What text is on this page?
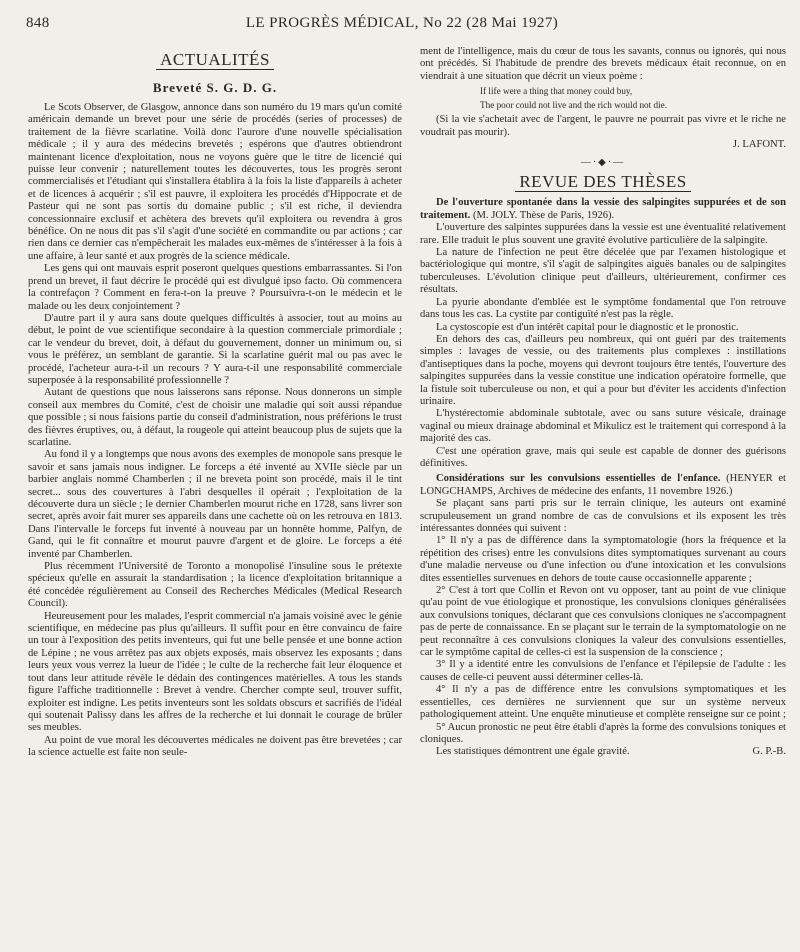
848	LE PROGRÈS MÉDICAL, No 22 (28 Mai 1927)
ACTUALITÉS
Breveté S. G. D. G.

Le Scots Observer, de Glasgow, annonce dans son numéro du 19 mars qu'un comité américain demande un brevet pour une série de procédés (series of processes) de traitement de la fièvre scarlatine. Voilà donc l'aurore d'une nouvelle spécialisation médicale ; il y aura des médecins brevetés ; espérons que d'autres obtiendront maintenant licence d'exploitation, nous ne voyons guère que le titre de licencié qui puisse leur convenir ; naturellement toutes les découvertes, tous les progrès seront commercialisés et l'étudiant qui s'installera établira à la fois la liste d'appareils à acheter et de licences à acquérir ; s'il est pauvre, il exploitera les procédés d'Hippocrate et de Pasteur qui ne sont pas sortis du domaine public ; s'il est riche, il deviendra concessionnaire exclusif et achètera des brevets qu'il exploitera ou revendra à gros bénéfice. On ne nous dit pas s'il s'agit d'une société en commandite ou par actions ; car rien dans ce dernier cas n'empêcherait les malades eux-mêmes de s'intéresser à la fois à une affaire, à leur santé et aux progrès de la science médicale.

Les gens qui ont mauvais esprit poseront quelques questions embarrassantes. Si l'on prend un brevet, il faut décrire le procédé qui est divulgué ipso facto. Où commencera la contrefaçon ? Comment en fera-t-on la preuve ? Poursuivra-t-on le médecin et le malade ou les deux conjointement ?

D'autre part il y aura sans doute quelques difficultés à associer, tout au moins au début, le point de vue scientifique secondaire à la question commerciale primordiale ; car le vendeur du brevet, doit, à défaut du gouvernement, donner un minimum ou, si vous le préférez, un semblant de garantie. Si la scarlatine guérit mal ou pas avec le procédé, l'acheteur aura-t-il un recours ? Y aura-t-il une responsabilité commerciale superposée à la responsabilité professionnelle ?

Autant de questions que nous laisserons sans réponse. Nous donnerons un simple conseil aux membres du Comité, c'est de choisir une maladie qui soit aussi répandue que possible ; si nous faisions partie du conseil d'administration, nous préférions le trust des fièvres éruptives, ou, à défaut, la rougeole qui atteint beaucoup plus de sujets que la scarlatine.

Au fond il y a longtemps que nous avons des exemples de monopole sans presque le savoir et sans jamais nous indigner. Le forceps a été inventé au XVIIe siècle par un barbier anglais nommé Chamberlen ; il ne breveta point son procédé, mais il le tint secret... sous des couvertures à l'abri desquelles il opérait ; l'exploitation de la découverte dura un siècle ; le dernier Chamberlen mourut riche en 1728, sans livrer son secret, après avoir fait murer ses appareils dans une cachette où on les retrouva en 1813. Dans l'intervalle le forceps fut inventé à nouveau par un honnête homme, Palfyn, de Gand, qui le fit connaître et mourut pauvre d'argent et de gloire. Le forceps a été inventé par Chamberlen.

Plus récemment l'Université de Toronto a monopolisé l'insuline sous le prétexte spécieux qu'elle en assurait la standardisation ; la licence d'exploitation britannique a été concédée régulièrement au Conseil des Recherches Médicales (Medical Research Council).

Heureusement pour les malades, l'esprit commercial n'a jamais voisiné avec le génie scientifique, en médecine pas plus qu'ailleurs. Il suffit pour en être convaincu de faire un tour à l'exposition des petits inventeurs, qui fut une belle pensée et une bonne action de Lépine ; ne vous arrêtez pas aux objets exposés, mais observez les exposants ; dans leurs yeux vous verrez la lueur de l'idée ; le culte de la recherche fait leur éloquence et tout dans leur attitude révèle le dédain des contingences matérielles. A tous les stands figure l'affiche traditionnelle : Brevet à vendre. Chercher compte seul, trouver suffit, exploiter est indigne. Les petits inventeurs sont les soldats obscurs et sacrifiés de l'idéal qui soutenait Palissy dans les affres de la recherche et lui donnait le courage de brûler ses meubles.

Au point de vue moral les découvertes médicales ne doivent pas être brevetées ; car la science actuelle est faite non seule-

ment de l'intelligence, mais du cœur de tous les savants, connus ou ignorés, qui nous ont précédés. Si l'habitude de prendre des brevets médicaux était reconnue, on en viendrait à une situation que décrit un vieux poème :

If life were a thing that money could buy,
The poor could not live and the rich would not die.

(Si la vie s'achetait avec de l'argent, le pauvre ne pourrait pas vivre et le riche ne voudrait pas mourir).

J. LAFONT.
—·◆·—
REVUE DES THÈSES

De l'ouverture spontanée dans la vessie des salpingites suppurées et de son traitement. (M. JOLY. Thèse de Paris, 1926).

L'ouverture des salpintes suppurées dans la vessie est une éventualité relativement rare. Elle traduit le plus souvent une gravité évolutive particulière de la salpingite.

La nature de l'infection ne peut être décelée que par l'examen histologique et bactériologique qui montre, s'il s'agit de salpingites aiguës banales ou de salpingites tuberculeuses. L'évolution clinique peut d'ailleurs, ultérieurement, confirmer ces résultats.

La pyurie abondante d'emblée est le symptôme fondamental que l'on retrouve dans tous les cas. La cystite par contiguïté n'est pas la règle.

La cystoscopie est d'un intérêt capital pour le diagnostic et le pronostic.

En dehors des cas, d'ailleurs peu nombreux, qui ont guéri par des traitements simples : lavages de vessie, ou des traitements plus complexes : instillations d'antiseptiques dans la poche, moyens qui devront toujours être tentés, l'ouverture des salpingites suppurées dans la vessie constitue une indication opératoire formelle, que la fistule soit tuberculeuse ou non, et qui a pour but d'éviter les accidents d'infection urinaire.

L'hystérectomie abdominale subtotale, avec ou sans suture vésicale, drainage vaginal ou mieux drainage abdominal et Mikulicz est le traitement qui correspond à la majorité des cas.

C'est une opération grave, mais qui seule est capable de donner des guérisons définitives.

Considérations sur les convulsions essentielles de l'enfance. (HENYER et LONGCHAMPS, Archives de médecine des enfants, 11 novembre 1926.)

Se plaçant sans parti pris sur le terrain clinique, les auteurs ont examiné scrupuleusement un grand nombre de cas de convulsions et ils exposent les très intéressantes données qui suivent :

1° Il n'y a pas de différence dans la symptomatologie (hors la fréquence et la répétition des crises) entre les convulsions dites symptomatiques survenant au cours d'une maladie nerveuse ou d'une infection ou d'une intoxication et les convulsions dites essentielles survenues en dehors de toute cause occasionnelle apparente ;

2° C'est à tort que Collin et Revon ont vu opposer, tant au point de vue clinique qu'au point de vue étiologique et pronostique, les convulsions cloniques généralisées aux convulsions toniques, déclarant que ces convulsions cloniques ne s'accompagnent pas de perte de connaissance. En se plaçant sur le terrain de la symptomatologie on ne peut reconnaître à ces convulsions cloniques la valeur des convulsions essentielles, car le symptôme capital de celles-ci est la suspension de la conscience ;

3° Il y a identité entre les convulsions de l'enfance et l'épilepsie de l'adulte : les causes de celle-ci peuvent aussi déterminer celles-là.

4° Il n'y a pas de différence entre les convulsions symptomatiques et les essentielles, ces dernières ne surviennent que sur un système nerveux pathologiquement atteint. Une enquête minutieuse et complète renseigne sur ce point ;

5° Aucun pronostic ne peut être établi d'après la forme des convulsions toniques et cloniques.

Les statistiques démontrent une égale gravité.	G. P.-B.
